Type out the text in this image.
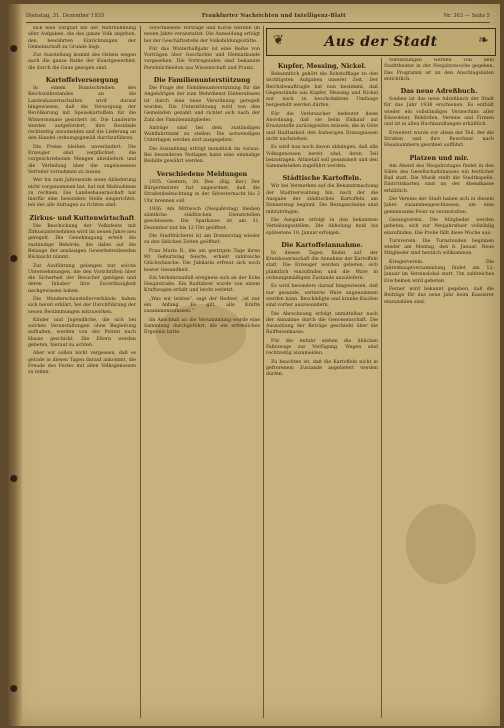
Dienstag, 31. Dezember 1935	Frankfurter Nachrichten und Intelligenz-Blatt	Nr. 363 — Seite 5
❦	Aus der Stadt	❧

sich eine Sorgfalt bei der Wahrnehmung aller Aufgaben, die das ganze Volk angehen, den bewährten Einrichtungen der Gemeinschaft zu Grunde liegt.

Zur Ausstellung kommt des Ostens wegen auch die ganze Reihe der Kunstgewerbler, die durch die Gaue gezogen sind.

Kartoffelversorgung

In einem Rundschreiben des Reichsnährstandes an die Landesbauernschaften wird darauf hingewiesen, daß die Versorgung der Bevölkerung mit Speisekartoffeln für die Wintermonate gesichert ist. Die Landwirte werden aufgefordert, ihre Bestände rechtzeitig anzumelden und die Lieferung an den Handel ordnungsgemäß durchzuführen.

Die Preise bleiben unverändert. Die Erzeuger sind verpflichtet, die vorgeschriebenen Mengen abzuliefern und die Verteilung über die zugelassenen Verteiler vornehmen zu lassen.

Wer bis zum Jahresende seine Ablieferung nicht vorgenommen hat, hat mit Maßnahmen zu rechnen. Die Landesbauernschaft hat hierfür eine besondere Stelle eingerichtet, bei der alle Anfragen zu richten sind.

Zirkus- und Kuttenwirtschaft

Die Beschickung der Volksfeste mit Zirkusunternehmen wird im neuen Jahre neu geregelt. Die Genehmigung erteilt die zuständige Behörde, die dabei auf die Belange der ansässigen Gewerbetreibenden Rücksicht nimmt.

Zur Ausführung gelangen nur solche Unternehmungen, die den Vorschriften über die Sicherheit der Besucher genügen und deren Inhaber ihre Zuverlässigkeit nachgewiesen haben.

Die Wanderschaustellerverbände haben sich bereit erklärt, bei der Durchführung der neuen Bestimmungen mitzuwirken.

Kinder und Jugendliche, die sich bei solchen Veranstaltungen ohne Begleitung aufhalten, werden von der Polizei nach Hause geschickt. Die Eltern werden gebeten, hierauf zu achten.

Aber wir sollen nicht vergessen, daß es gerade in diesen Tagen darauf ankommt, die Freude des Festes mit allen Volksgenossen zu teilen.

Verschiedene Vorträge und Kurse werden im neuen Jahre veranstaltet. Die Anmeldung erfolgt bei der Geschäftsstelle der Volksbildungsstätte.

Für das Winterhalbjahr ist eine Reihe von Vorträgen über Geschichte und Heimatkunde vorgesehen. Die Vortragenden sind bekannte Persönlichkeiten aus Wissenschaft und Praxis.

Die Familienunterstützung

Die Frage der Familienunterstützung für die Angehörigen der zum Wehrdienst Einberufenen ist durch eine neue Verordnung geregelt worden. Die Unterstützung wird von den Gemeinden gezahlt und richtet sich nach der Zahl der Familienmitglieder.

Anträge sind bei dem zuständigen Wohlfahrtsamt zu stellen. Die notwendigen Unterlagen werden dort ausgegeben.

Die Auszahlung erfolgt monatlich im voraus. Bei besonderen Notlagen kann eine einmalige Beihilfe gewährt werden.

Verschiedene Meldungen

1935. Gestern, 30. Dez. (Eig. Ber.) Der Bürgermeister hat angeordnet, daß die Straßenbeleuchtung in der Silvesternacht bis 2 Uhr brennen soll.

1936. Am Mittwoch (Neujahrstag) bleiben sämtliche städtischen Dienststellen geschlossen. Die Sparkasse ist am 31. Dezember nur bis 12 Uhr geöffnet.

Die Stadtbücherei ist am Donnerstag wieder zu den üblichen Zeiten geöffnet.

Frau Marie R., die am gestrigen Tage ihren 90. Geburtstag feierte, erhielt zahlreiche Glückwünsche. Die Jubilarin erfreut sich noch bester Gesundheit.

Ein Verkehrsunfall ereignete sich an der Ecke Hauptstraße. Ein Radfahrer wurde von einem Kraftwagen erfaßt und leicht verletzt.

„Was wir leisten“, sagt der Redner, „ist nur ein Anfang. Es gilt, alle Kräfte zusammenzufassen.“

Im Anschluß an die Versammlung wurde eine Sammlung durchgeführt, die ein erfreuliches Ergebnis hatte.

Kupfer, Messing, Nickel.

Bekanntlich gehört die Rohstofflage zu den wichtigsten Aufgaben unserer Zeit. Der Reichsbeauftragte hat nun bestimmt, daß Gegenstände aus Kupfer, Messing und Nickel nur noch in beschränktem Umfange hergestellt werden dürfen.

Für die Verbraucher bedeutet diese Anordnung, daß sie beim Einkauf auf Ersatzstoffe zurückgreifen müssen, die in Güte und Haltbarkeit den bisherigen Erzeugnissen nicht nachstehen.

Es wird nun noch davon abhängen, daß alle Volksgenossen bereit sind, ihren Teil beizutragen. Altmetall soll gesammelt und den Sammelstellen zugeführt werden.

Städtische Kartoffeln.

Wir bei Vermerken auf die Bekanntmachung der Stadtverwaltung hin, nach der die Ausgabe der städtischen Kartoffeln am Donnerstag beginnt. Die Bezugsscheine sind mitzubringen.

Die Ausgabe erfolgt in den bekannten Verteilungsstellen. Die Abholung muß bis spätestens 10. Januar erfolgen.

Die Kartoffelannahme.

In diesen Tagen findet auf der Kreisbauernschaft die Annahme der Kartoffeln statt. Die Erzeuger werden gebeten, sich pünktlich einzufinden und die Ware in ordnungsmäßigem Zustande anzuliefern.

Es wird besonders darauf hingewiesen, daß nur gesunde, sortierte Ware angenommen werden kann. Beschädigte und kranke Knollen sind vorher auszusondern.

Die Abrechnung erfolgt unmittelbar nach der Annahme durch die Genossenschaft. Die Auszahlung der Beträge geschieht über die Raiffeisenkasse.

Für die Anfuhr stehen die üblichen Fahrzeuge zur Verfügung. Wagen sind rechtzeitig anzumelden.

Zu beachten ist, daß die Kartoffeln nicht in gefrorenem Zustande angeliefert werden dürfen.

Vorstellungen werden von dem Stadttheater in der Neujahrswoche gegeben. Das Programm ist an den Anschlagsäulen ersichtlich.

Das neue Adreßbuch.

Soeben ist das neue Adreßbuch der Stadt für das Jahr 1936 erschienen. Es enthält wieder ein vollständiges Verzeichnis aller Einwohner, Behörden, Vereine und Firmen und ist in allen Buchhandlungen erhältlich.

Erweitert wurde vor allem der Teil, der die Straßen und ihre Bewohner nach Hausnummern geordnet aufführt.

Platzen und mir.

Am Abend des Neujahrstages findet in den Sälen des Gesellschaftshauses ein festlicher Ball statt. Die Musik stellt die Stadtkapelle. Eintrittskarten sind an der Abendkasse erhältlich.

Die Vereine der Stadt haben sich in diesem Jahre zusammengeschlossen, um eine gemeinsame Feier zu veranstalten.

Gesangverein. Die Mitglieder werden gebeten, sich zur Neujahrsfeier vollzählig einzufinden. Die Probe fällt diese Woche aus.

Turnverein. Die Turnstunden beginnen wieder am Montag, den 6. Januar. Neue Mitglieder sind herzlich willkommen.

Kriegerverein. Die Jahreshauptversammlung findet am 12. Januar im Vereinslokal statt. Um zahlreiches Erscheinen wird gebeten.

Ferner wird bekannt gegeben, daß die Beiträge für das neue Jahr beim Kassierer einzuzahlen sind.
